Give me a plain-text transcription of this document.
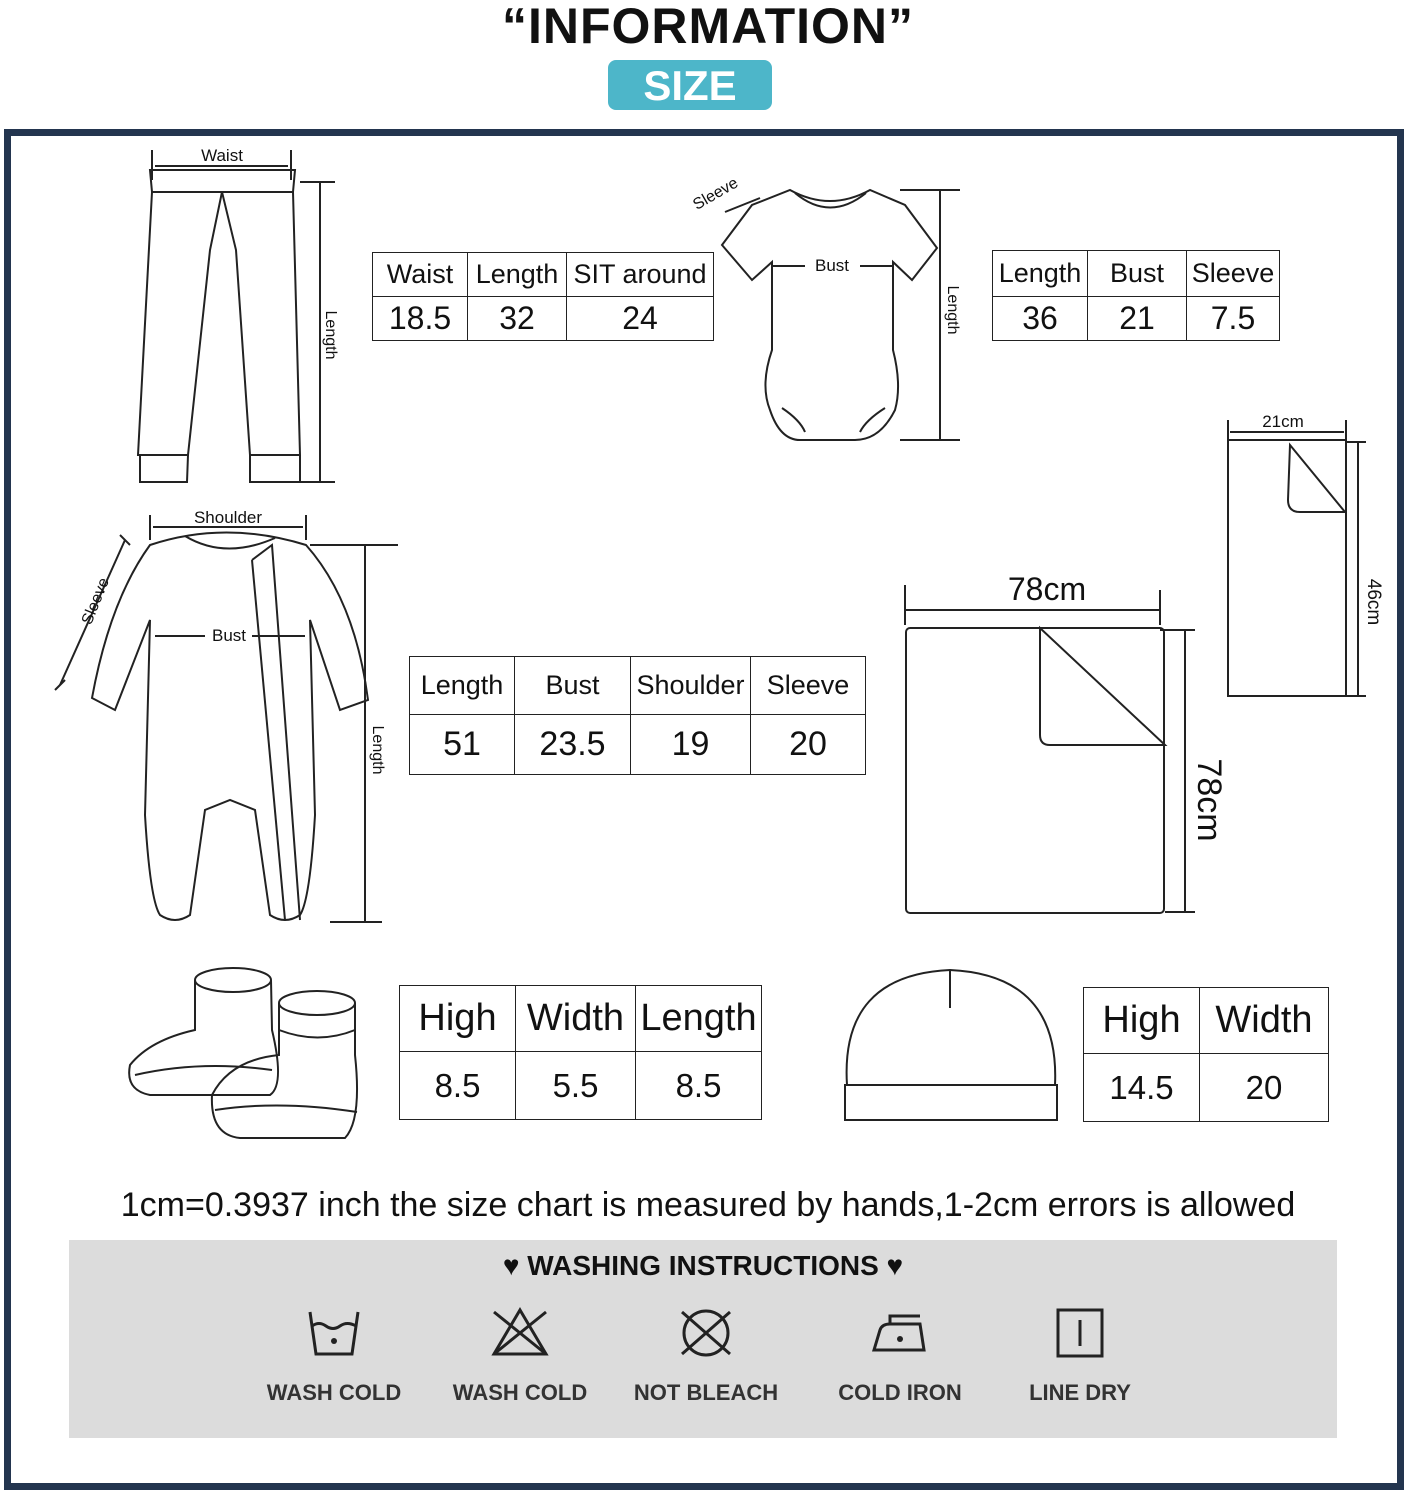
“INFORMATION”
SIZE
Waist
Length
Sleeve
Bust
Length
Shoulder
Sleeve
Bust
Length
21cm
46cm
78cm
78cm
Waist	Length	SIT around
18.5	32	24
Length	Bust	Sleeve
36	21	7.5
Length	Bust	Shoulder	Sleeve
51	23.5	19	20
High	Width	Length
8.5	5.5	8.5
High	Width
14.5	20
1cm=0.3937 inch the size chart is measured by hands,1-2cm errors is allowed
♥ WASHING INSTRUCTIONS ♥
WASH COLD	WASH COLD	NOT BLEACH	COLD IRON	LINE DRY
